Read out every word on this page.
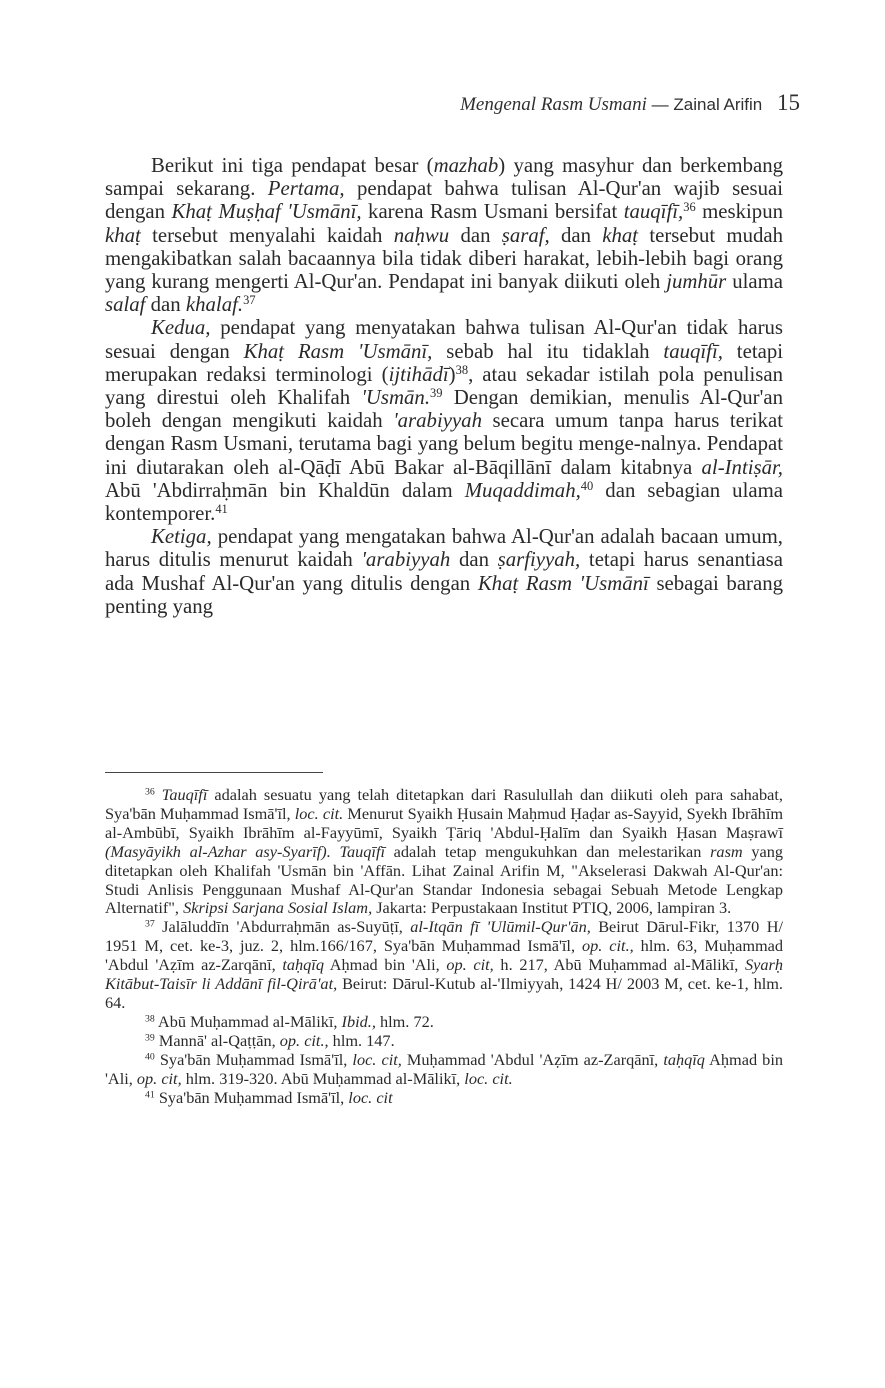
Mengenal Rasm Usmani — Zainal Arifin 15

Berikut ini tiga pendapat besar (mazhab) yang masyhur dan berkembang sampai sekarang. Pertama, pendapat bahwa tulisan Al-Qur'an wajib sesuai dengan Khaṭ Muṣḥaf 'Usmānī, karena Rasm Usmani bersifat tauqīfī,$^{36}$ meskipun khaṭ tersebut menyalahi kaidah naḥwu dan ṣaraf, dan khaṭ tersebut mudah mengakibatkan salah bacaannya bila tidak diberi harakat, lebih-lebih bagi orang yang kurang mengerti Al-Qur'an. Pendapat ini banyak diikuti oleh jumhūr ulama salaf dan khalaf.$^{37}$

Kedua, pendapat yang menyatakan bahwa tulisan Al-Qur'an tidak harus sesuai dengan Khaṭ Rasm 'Usmānī, sebab hal itu tidaklah tauqīfī, tetapi merupakan redaksi terminologi (ijtihādī)$^{38}$, atau sekadar istilah pola penulisan yang direstui oleh Khalifah 'Usmān.$^{39}$ Dengan demikian, menulis Al-Qur'an boleh dengan mengikuti kaidah 'arabiyyah secara umum tanpa harus terikat dengan Rasm Usmani, terutama bagi yang belum begitu menge-nalnya. Pendapat ini diutarakan oleh al-Qāḍī Abū Bakar al-Bāqillānī dalam kitabnya al-Intiṣār, Abū 'Abdirraḥmān bin Khaldūn dalam Muqaddimah,$^{40}$ dan sebagian ulama kontemporer.$^{41}$

Ketiga, pendapat yang mengatakan bahwa Al-Qur'an adalah bacaan umum, harus ditulis menurut kaidah 'arabiyyah dan ṣarfiyyah, tetapi harus senantiasa ada Mushaf Al-Qur'an yang ditulis dengan Khaṭ Rasm 'Usmānī sebagai barang penting yang

$^{36}$ Tauqīfī adalah sesuatu yang telah ditetapkan dari Rasulullah dan diikuti oleh para sahabat, Sya'bān Muḥammad Ismā'īl, loc. cit. Menurut Syaikh Ḥusain Maḥmud Ḥaḍar as-Sayyid, Syekh Ibrāhīm al-Ambūbī, Syaikh Ibrāhīm al-Fayyūmī, Syaikh Ṭāriq 'Abdul-Ḥalīm dan Syaikh Ḥasan Maṣrawī (Masyāyikh al-Azhar asy-Syarīf). Tauqīfī adalah tetap mengukuhkan dan melestarikan rasm yang ditetapkan oleh Khalifah 'Usmān bin 'Affān. Lihat Zainal Arifin M, "Akselerasi Dakwah Al-Qur'an: Studi Anlisis Penggunaan Mushaf Al-Qur'an Standar Indonesia sebagai Sebuah Metode Lengkap Alternatif", Skripsi Sarjana Sosial Islam, Jakarta: Perpustakaan Institut PTIQ, 2006, lampiran 3.

$^{37}$ Jalāluddīn 'Abdurraḥmān as-Suyūṭī, al-Itqān fī 'Ulūmil-Qur'ān, Beirut Dārul-Fikr, 1370 H/ 1951 M, cet. ke-3, juz. 2, hlm.166/167, Sya'bān Muḥammad Ismā'īl, op. cit., hlm. 63, Muḥammad 'Abdul 'Aẓīm az-Zarqānī, taḥqīq Aḥmad bin 'Ali, op. cit, h. 217, Abū Muḥammad al-Mālikī, Syarḥ Kitābut-Taisīr li Addānī fil-Qirā'at, Beirut: Dārul-Kutub al-'Ilmiyyah, 1424 H/ 2003 M, cet. ke-1, hlm. 64.

$^{38}$ Abū Muḥammad al-Mālikī, Ibid., hlm. 72.

$^{39}$ Mannā' al-Qaṭṭān, op. cit., hlm. 147.

$^{40}$ Sya'bān Muḥammad Ismā'īl, loc. cit, Muḥammad 'Abdul 'Aẓīm az-Zarqānī, taḥqīq Aḥmad bin 'Ali, op. cit, hlm. 319-320. Abū Muḥammad al-Mālikī, loc. cit.

$^{41}$ Sya'bān Muḥammad Ismā'īl, loc. cit
